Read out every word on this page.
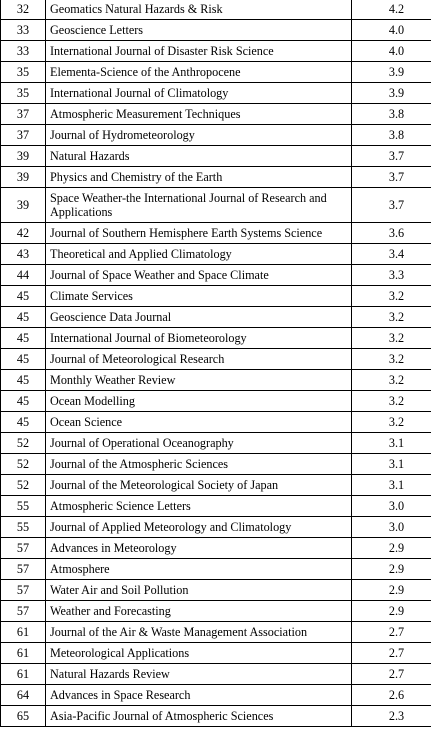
32	Geomatics Natural Hazards & Risk	4.2
33	Geoscience Letters	4.0
33	International Journal of Disaster Risk Science	4.0
35	Elementa-Science of the Anthropocene	3.9
35	International Journal of Climatology	3.9
37	Atmospheric Measurement Techniques	3.8
37	Journal of Hydrometeorology	3.8
39	Natural Hazards	3.7
39	Physics and Chemistry of the Earth	3.7
39	Space Weather-the International Journal of Research and Applications	3.7
42	Journal of Southern Hemisphere Earth Systems Science	3.6
43	Theoretical and Applied Climatology	3.4
44	Journal of Space Weather and Space Climate	3.3
45	Climate Services	3.2
45	Geoscience Data Journal	3.2
45	International Journal of Biometeorology	3.2
45	Journal of Meteorological Research	3.2
45	Monthly Weather Review	3.2
45	Ocean Modelling	3.2
45	Ocean Science	3.2
52	Journal of Operational Oceanography	3.1
52	Journal of the Atmospheric Sciences	3.1
52	Journal of the Meteorological Society of Japan	3.1
55	Atmospheric Science Letters	3.0
55	Journal of Applied Meteorology and Climatology	3.0
57	Advances in Meteorology	2.9
57	Atmosphere	2.9
57	Water Air and Soil Pollution	2.9
57	Weather and Forecasting	2.9
61	Journal of the Air & Waste Management Association	2.7
61	Meteorological Applications	2.7
61	Natural Hazards Review	2.7
64	Advances in Space Research	2.6
65	Asia-Pacific Journal of Atmospheric Sciences	2.3
